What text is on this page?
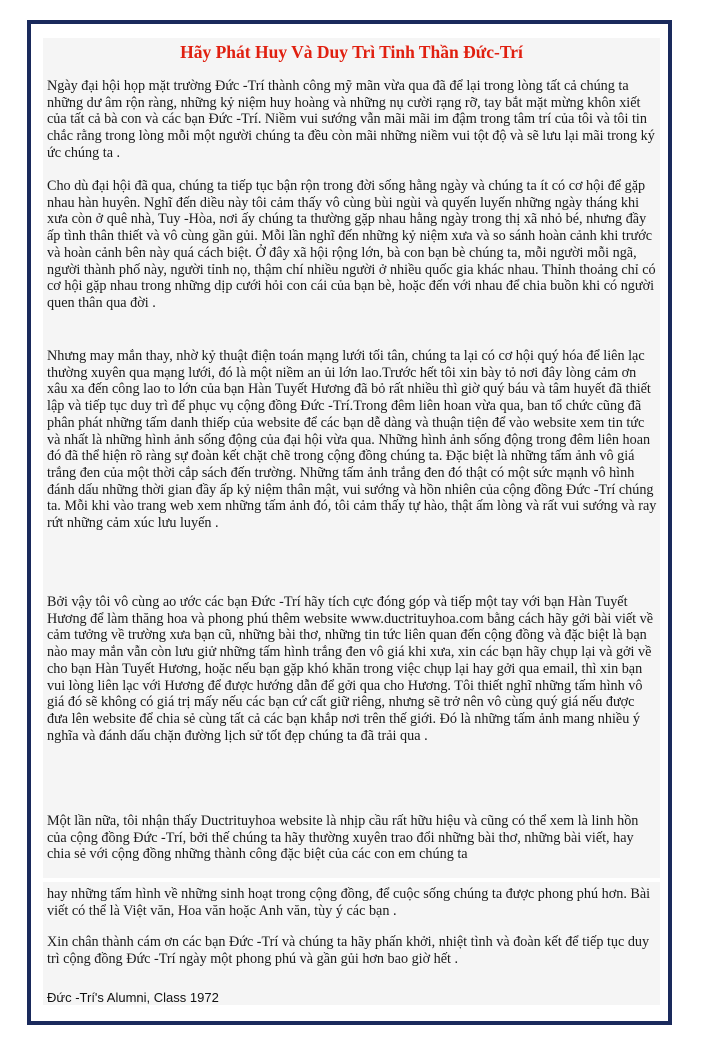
Hãy Phát Huy Và Duy Trì Tinh Thần Đức-Trí

Ngày đại hội họp mặt trường Đức -Trí thành công mỹ mãn vừa qua đã để lại trong lòng tất cả chúng ta những dư âm rộn ràng, những kỷ niệm huy hoàng và những nụ cười rạng rỡ, tay bắt mặt mừng khôn xiết của tất cả bà con và các bạn Đức -Trí. Niềm vui sướng vẫn mãi mãi im đậm trong tâm trí của tôi và tôi tin chắc rằng trong lòng mỗi một người chúng ta đều còn mãi những niềm vui tột độ và sẽ lưu lại mãi trong ký ức chúng ta .

Cho dù đại hội đã qua, chúng ta tiếp tục bận rộn trong đời sống hằng ngày và chúng ta ít có cơ hội để gặp nhau hàn huyên. Nghĩ đến diều này tôi cảm thấy vô cùng bùi ngùi và quyến luyến những ngày tháng khi xưa còn ở quê nhà, Tuy -Hòa, nơi ấy chúng ta thường gặp nhau hằng ngày trong thị xã nhỏ bé, nhưng đầy ấp tình thân thiết và vô cùng gần gủi. Mỗi lần nghĩ đến những kỷ niệm xưa và so sánh hoàn cảnh khi trước và hoàn cảnh bên này quá cách biệt. Ở đây xã hội rộng lớn, bà con bạn bè chúng ta, mỗi người mỗi ngã, người thành phố này, người tỉnh nọ, thậm chí nhiều người ở nhiều quốc gia khác nhau. Thỉnh thoảng chỉ có cơ hội gặp nhau trong những dịp cưới hỏi con cái của bạn bè, hoặc đến với nhau để chia buồn khi có người quen thân qua đời .

Nhưng may mắn thay, nhờ kỷ thuật điện toán mạng lưới tối tân, chúng ta lại có cơ hội quý hóa để liên lạc thường xuyên qua mạng lưới, đó là một niềm an ủi lớn lao.Trước hết tôi xin bày tỏ nơi đây lòng cảm ơn xâu xa đến công lao to lớn của bạn Hàn Tuyết Hương đã bỏ rất nhiều thì giờ quý báu và tâm huyết đã thiết lập và tiếp tục duy trì để phục vụ cộng đồng Đức -Trí.Trong đêm liên hoan vừa qua, ban tổ chức cũng đã phân phát những tấm danh thiếp của website để các bạn dễ dàng và thuận tiện để vào website xem tin tức và nhất là những hình ảnh sống động của đại hội vừa qua. Những hình ảnh sống động trong đêm liên hoan đó đã thể hiện rõ ràng sự đoàn kết chặt chẽ trong cộng đồng chúng ta. Đặc biệt là những tấm ảnh vô giá trắng đen của một thời cắp sách đến trường. Những tấm ảnh trắng đen đó thật có một sức mạnh vô hình đánh dấu những thời gian đầy ấp kỷ niệm thân mật, vui sướng và hồn nhiên của cộng đồng Đức -Trí chúng ta. Mỗi khi vào trang web xem những tấm ảnh đó, tôi cảm thấy tự hào, thật ấm lòng và rất vui sướng và ray rứt những cảm xúc lưu luyến .

Bởi vậy tôi vô cùng ao ước các bạn Đức -Trí hãy tích cực đóng góp và tiếp một tay với bạn Hàn Tuyết Hương để làm thăng hoa và phong phú thêm website www.ductrituyhoa.com bằng cách hãy gởi bài viết về cảm tưởng về trường xưa bạn cũ, những bài thơ, những tin tức liên quan đến cộng đồng và đặc biệt là bạn nào may mắn vẫn còn lưu giử những tấm hình trắng đen vô giá khi xưa, xin các bạn hãy chụp lại và gởi về cho bạn Hàn Tuyết Hương, hoặc nếu bạn gặp khó khăn trong việc chụp lại hay gởi qua email, thì xin bạn vui lòng liên lạc với Hương để được hướng dẫn để gởi qua cho Hương. Tôi thiết nghĩ những tấm hình vô giá đó sẽ không có giá trị mấy nếu các bạn cứ cất giữ riêng, nhưng sẽ trở nên vô cùng quý giá nếu được đưa lên website để chia sẻ cùng tất cả các bạn khắp nơi trên thế giới. Đó là những tấm ảnh mang nhiều ý nghĩa và đánh dấu chặn đường lịch sử tốt đẹp chúng ta đã trải qua .

Một lần nữa, tôi nhận thấy Ductrituyhoa website là nhịp cầu rất hữu hiệu và cũng có thể xem là linh hồn của cộng đồng Đức -Trí, bởi thế chúng ta hãy thường xuyên trao đổi những bài thơ, những bài viết, hay chia sẻ với cộng đồng những thành công đặc biệt của các con em chúng ta

hay những tấm hình về những sinh hoạt trong cộng đồng, để cuộc sống chúng ta được phong phú hơn. Bài viết có thể là Việt văn, Hoa văn hoặc Anh văn, tùy ý các bạn .

Xin chân thành cám ơn các bạn Đức -Trí và chúng ta hãy phấn khởi, nhiệt tình và đoàn kết để tiếp tục duy trì cộng đồng Đức -Trí ngày một phong phú và gần gủi hơn bao giờ hết .

Đức -Trí's Alumni, Class 1972
